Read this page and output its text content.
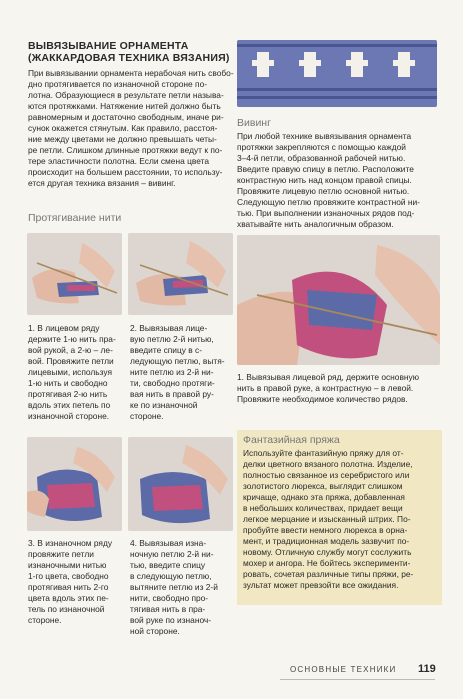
ВЫВЯЗЫВАНИЕ ОРНАМЕНТА
(ЖАККАРДОВАЯ ТЕХНИКА ВЯЗАНИЯ)
При вывязывании орнамента нерабочая нить свобо-
дно протягивается по изнаночной стороне по-
лотна. Образующиеся в результате петли называ-
ются протяжками. Натяжение нитей должно быть
равномерным и достаточно свободным, иначе ри-
сунок окажется стянутым. Как правило, расстоя-
ние между цветами не должно превышать четы-
ре петли. Слишком длинные протяжки ведут к по-
тере эластичности полотна. Если смена цвета
происходит на большем расстоянии, то использу-
ется другая техника вязания – вивинг.
Протягивание нити
1. В лицевом ряду
держите 1-ю нить пра-
вой рукой, а 2-ю – ле-
вой. Провяжите петли
лицевыми, используя
1-ю нить и свободно
протягивая 2-ю нить
вдоль этих петель по
изнаночной стороне.
2. Вывязывая лице-
вую петлю 2-й нитью,
введите спицу в с-
ледующую петлю, вытя-
ните петлю из 2-й ни-
ти, свободно протяги-
вая нить в правой ру-
ке по изнаночной
стороне.
3. В изнаночном ряду
провяжите петли
изнаночными нитью
1-го цвета, свободно
протягивая нить 2-го
цвета вдоль этих пе-
тель по изнаночной
стороне.
4. Вывязывая изна-
ночную петлю 2-й ни-
тью, введите спицу
в следующую петлю,
вытяните петлю из 2-й
нити, свободно про-
тягивая нить в пра-
вой руке по изнаноч-
ной стороне.
Вивинг
При любой технике вывязывания орнамента
протяжки закрепляются с помощью каждой
3–4-й петли, образованной рабочей нитью.
Введите правую спицу в петлю. Расположите
контрастную нить над концом правой спицы.
Провяжите лицевую петлю основной нитью.
Следующую петлю провяжите контрастной ни-
тью. При выполнении изнаночных рядов под-
хватывайте нить аналогичным образом.
1. Вывязывая лицевой ряд, держите основную
нить в правой руке, а контрастную – в левой.
Провяжите необходимое количество рядов.
Фантазийная пряжа
Используйте фантазийную пряжу для от-
делки цветного вязаного полотна. Изделие,
полностью связанное из серебристого или
золотистого люрекса, выглядит слишком
кричаще, однако эта пряжа, добавленная
в небольших количествах, придает вещи
легкое мерцание и изысканный штрих. По-
пробуйте ввести немного люрекса в орна-
мент, и традиционная модель зазвучит по-
новому. Отличную службу могут сослужить
мохер и ангора. Не бойтесь эксперименти-
ровать, сочетая различные типы пряжи, ре-
зультат может превзойти все ожидания.
ОСНОВНЫЕ ТЕХНИКИ 119
